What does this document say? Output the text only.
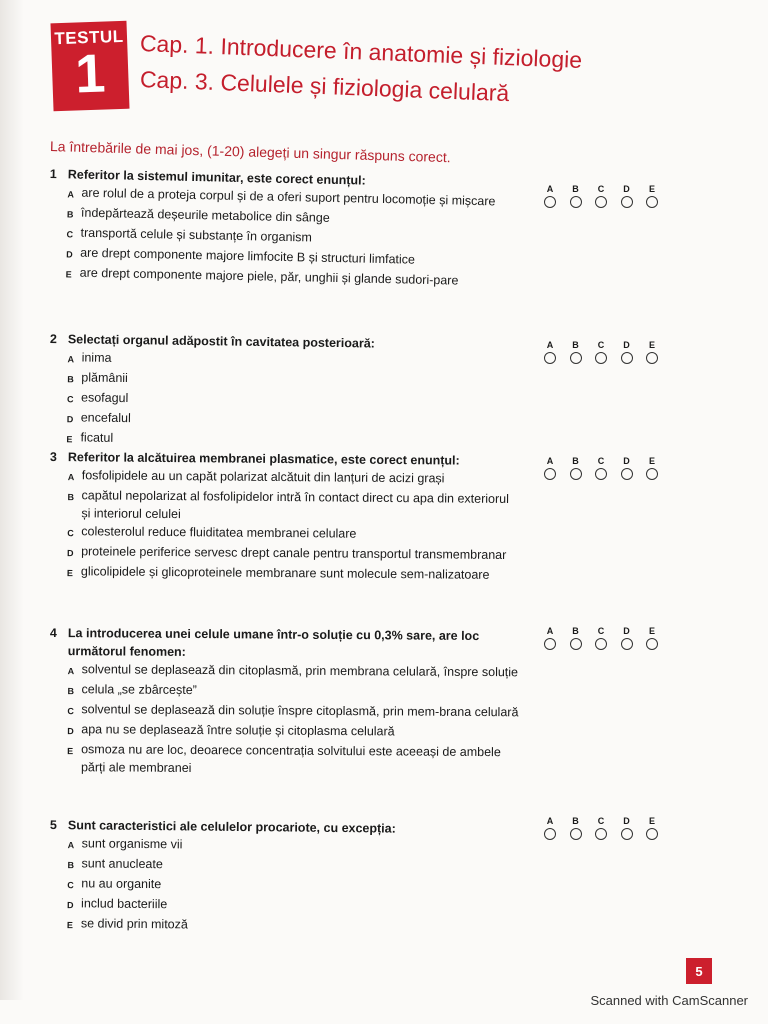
TESTUL
1	Cap. 1. Introducere în anatomie și fiziologie
Cap. 3. Celulele și fiziologia celulară
La întrebările de mai jos, (1-20) alegeți un singur răspuns corect.
1 Referitor la sistemul imunitar, este corect enunțul:
A are rolul de a proteja corpul și de a oferi suport pentru locomoție și mișcare
B îndepărtează deșeurile metabolice din sânge
C transportă celule și substanțe în organism
D are drept componente majore limfocite B și structuri limfatice
E are drept componente majore piele, păr, unghii și glande sudori-pare
A	B	C	D	E
2 Selectați organul adăpostit în cavitatea posterioară:
A inima
B plămânii
C esofagul
D encefalul
E ficatul
A	B	C	D	E
3 Referitor la alcătuirea membranei plasmatice, este corect enunțul:
A fosfolipidele au un capăt polarizat alcătuit din lanțuri de acizi grași
B capătul nepolarizat al fosfolipidelor intră în contact direct cu apa din exteriorul și interiorul celulei
C colesterolul reduce fluiditatea membranei celulare
D proteinele periferice servesc drept canale pentru transportul transmembranar
E glicolipidele și glicoproteinele membranare sunt molecule sem-nalizatoare
A	B	C	D	E
4 La introducerea unei celule umane într-o soluție cu 0,3% sare, are loc următorul fenomen:
A solventul se deplasează din citoplasmă, prin membrana celulară, înspre soluție
B celula „se zbârcește”
C solventul se deplasează din soluție înspre citoplasmă, prin mem-brana celulară
D apa nu se deplasează între soluție și citoplasma celulară
E osmoza nu are loc, deoarece concentrația solvitului este aceeași de ambele părți ale membranei
A	B	C	D	E
5 Sunt caracteristici ale celulelor procariote, cu excepția:
A sunt organisme vii
B sunt anucleate
C nu au organite
D includ bacteriile
E se divid prin mitoză
A	B	C	D	E
5
Scanned with CamScanner
